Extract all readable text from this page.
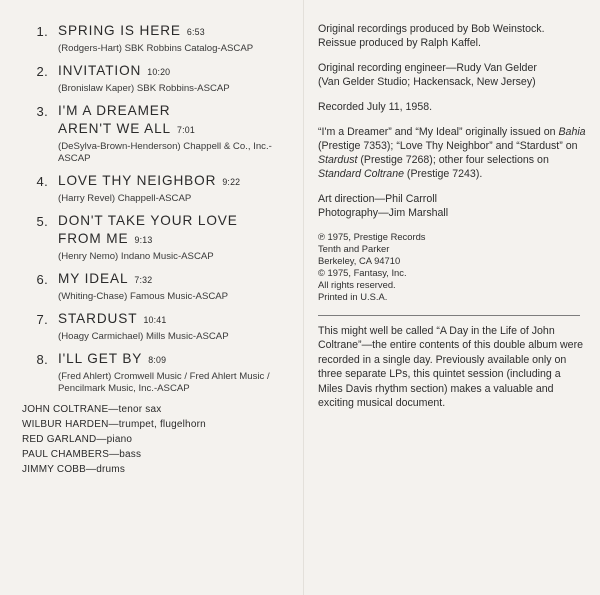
1. SPRING IS HERE 6:53
(Rodgers-Hart) SBK Robbins Catalog-ASCAP
2. INVITATION 10:20
(Bronislaw Kaper) SBK Robbins-ASCAP
3. I'M A DREAMER
AREN'T WE ALL 7:01
(DeSylva-Brown-Henderson) Chappell & Co., Inc.-ASCAP
4. LOVE THY NEIGHBOR 9:22
(Harry Revel) Chappell-ASCAP
5. DON'T TAKE YOUR LOVE
FROM ME 9:13
(Henry Nemo) Indano Music-ASCAP
6. MY IDEAL 7:32
(Whiting-Chase) Famous Music-ASCAP
7. STARDUST 10:41
(Hoagy Carmichael) Mills Music-ASCAP
8. I'LL GET BY 8:09
(Fred Ahlert) Cromwell Music / Fred Ahlert Music / Pencilmark Music, Inc.-ASCAP
JOHN COLTRANE—tenor sax
WILBUR HARDEN—trumpet, flugelhorn
RED GARLAND—piano
PAUL CHAMBERS—bass
JIMMY COBB—drums

Original recordings produced by Bob Weinstock.

Reissue produced by Ralph Kaffel.

Original recording engineer—Rudy Van Gelder

(Van Gelder Studio; Hackensack, New Jersey)

Recorded July 11, 1958.

“I'm a Dreamer” and “My Ideal” originally issued on Bahia (Prestige 7353); “Love Thy Neighbor” and “Stardust” on Stardust (Prestige 7268); other four selections on Standard Coltrane (Prestige 7243).

Art direction—Phil Carroll

Photography—Jim Marshall

℗ 1975, Prestige Records

Tenth and Parker

Berkeley, CA 94710

© 1975, Fantasy, Inc.

All rights reserved.

Printed in U.S.A.

This might well be called “A Day in the Life of John Coltrane”—the entire contents of this double album were recorded in a single day. Previously available only on three separate LPs, this quintet session (including a Miles Davis rhythm section) makes a valuable and exciting musical document.
